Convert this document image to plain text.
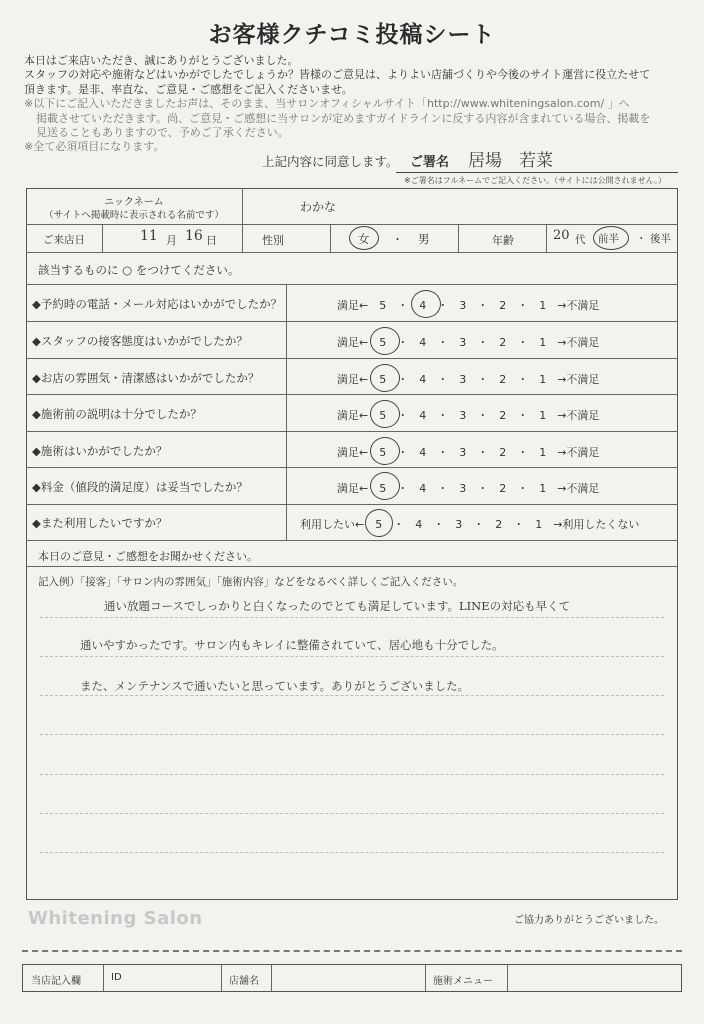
お客様クチコミ投稿シート
本日はご来店いただき、誠にありがとうございました。
スタッフの対応や施術などはいかがでしたでしょうか？皆様のご意見は、よりよい店舗づくりや今後のサイト運営に役立たせて
頂きます。是非、率直な、ご意見・ご感想をご記入くださいませ。
※以下にご記入いただきましたお声は、そのまま、当サロンオフィシャルサイト「http://www.whiteningsalon.com/ 」へ
掲載させていただきます。尚、ご意見・ご感想に当サロンが定めますガイドラインに反する内容が含まれている場合、掲載を
見送ることもありますので、予めご了承ください。
※全て必須項目になります。
上記内容に同意します。 ご署名 居場　若菜
※ご署名はフルネームでご記入ください。（サイトには公開されません。）
ニックネーム
（サイトへ掲載時に表示される名前です）
わかな
ご来店日	11 月 16 日	性別	女 ・ 男	年齢	20 代 前半 ・ 後半
該当するものに ○ をつけてください。
◆予約時の電話・メール対応はいかがでしたか？	満足←　5　・　4　・　3　・　2　・　1　→不満足
◆スタッフの接客態度はいかがでしたか？	満足←　5　・　4　・　3　・　2　・　1　→不満足
◆お店の雰囲気・清潔感はいかがでしたか？	満足←　5　・　4　・　3　・　2　・　1　→不満足
◆施術前の説明は十分でしたか？	満足←　5　・　4　・　3　・　2　・　1　→不満足
◆施術はいかがでしたか？	満足←　5　・　4　・　3　・　2　・　1　→不満足
◆料金（値段的満足度）は妥当でしたか？	満足←　5　・　4　・　3　・　2　・　1　→不満足
◆また利用したいですか？	利用したい←　5　・　4　・　3　・　2　・　1　→利用したくない
本日のご意見・ご感想をお聞かせください。
記入例）「接客」「サロン内の雰囲気」「施術内容」などをなるべく詳しくご記入ください。
通い放題コースでしっかりと白くなったのでとても満足しています。LINEの対応も早くて
通いやすかったです。サロン内もキレイに整備されていて、居心地も十分でした。
また、メンテナンスで通いたいと思っています。ありがとうございました。
Whitening Salon	ご協力ありがとうございました。
当店記入欄	ID	店舗名	施術メニュー
